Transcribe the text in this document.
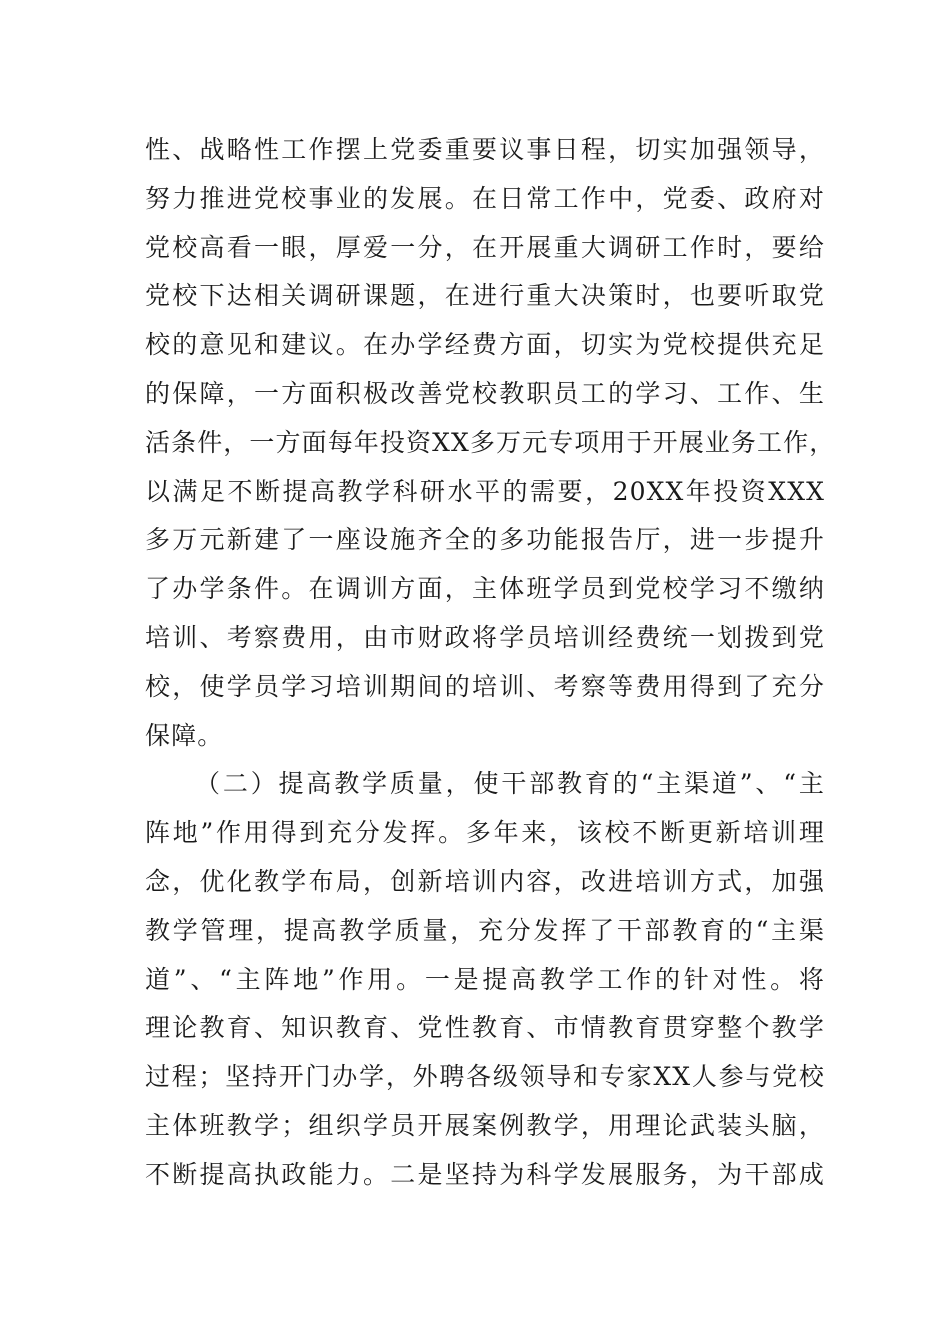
性、战略性工作摆上党委重要议事日程，切实加强领导，
努力推进党校事业的发展。在日常工作中，党委、政府对
党校高看一眼，厚爱一分，在开展重大调研工作时，要给
党校下达相关调研课题，在进行重大决策时，也要听取党
校的意见和建议。在办学经费方面，切实为党校提供充足
的保障，一方面积极改善党校教职员工的学习、工作、生
活条件，一方面每年投资XX多万元专项用于开展业务工作，
以满足不断提高教学科研水平的需要，20XX年投资XXX
多万元新建了一座设施齐全的多功能报告厅，进一步提升
了办学条件。在调训方面，主体班学员到党校学习不缴纳
培训、考察费用，由市财政将学员培训经费统一划拨到党
校，使学员学习培训期间的培训、考察等费用得到了充分
保障。
（二）提高教学质量，使干部教育的“主渠道”、“主
阵地”作用得到充分发挥。多年来，该校不断更新培训理
念，优化教学布局，创新培训内容，改进培训方式，加强
教学管理，提高教学质量，充分发挥了干部教育的“主渠
道”、“主阵地”作用。一是提高教学工作的针对性。将
理论教育、知识教育、党性教育、市情教育贯穿整个教学
过程；坚持开门办学，外聘各级领导和专家XX人参与党校
主体班教学；组织学员开展案例教学，用理论武装头脑，
不断提高执政能力。二是坚持为科学发展服务，为干部成
